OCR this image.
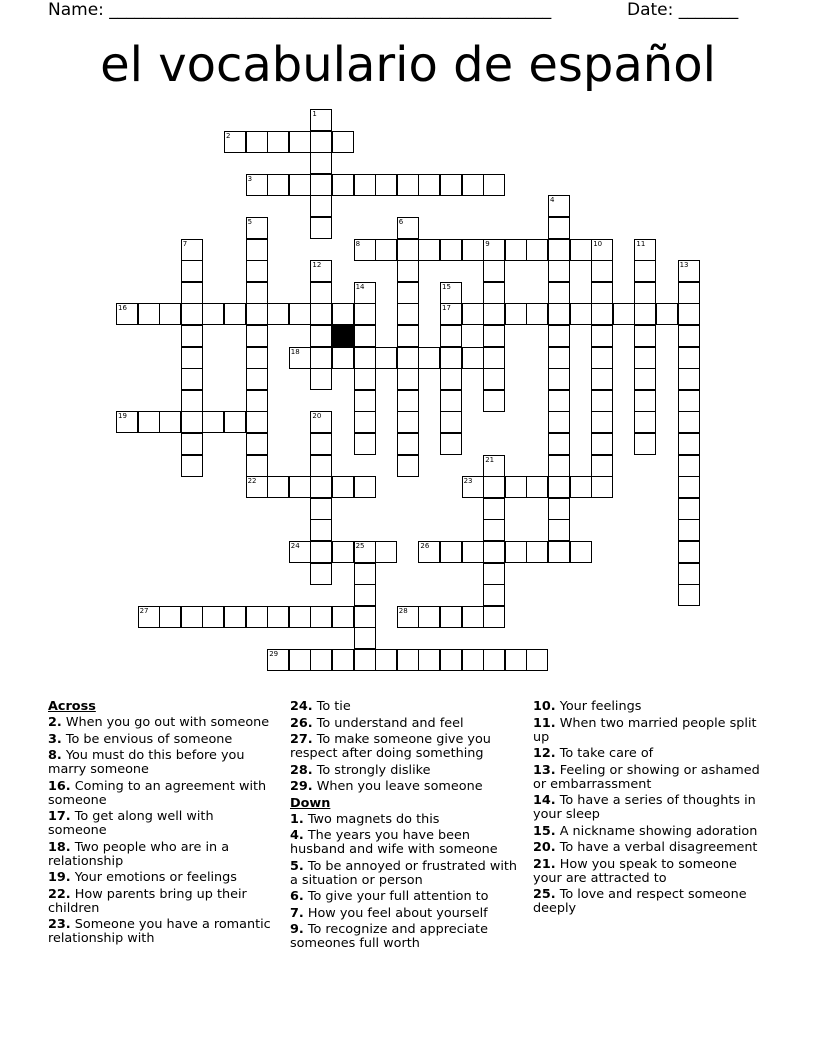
Name: ____________________________________________________	Date: _______
el vocabulario de español
1
2
3
4
5	6
7	8	9	10	11
12	13
14	15
17
16
18
19	20
21
22	23
24	25	26
27	28
29
Across
2. When you go out with someone
3. To be envious of someone
8. You must do this before you marry someone
16. Coming to an agreement with someone
17. To get along well with someone
18. Two people who are in a relationship
19. Your emotions or feelings
22. How parents bring up their children
23. Someone you have a romantic relationship with
24. To tie
26. To understand and feel
27. To make someone give you respect after doing something
28. To strongly dislike
29. When you leave someone
Down
1. Two magnets do this
4. The years you have been husband and wife with someone
5. To be annoyed or frustrated with a situation or person
6. To give your full attention to
7. How you feel about yourself
9. To recognize and appreciate someones full worth
10. Your feelings
11. When two married people split up
12. To take care of
13. Feeling or showing or ashamed or embarrassment
14. To have a series of thoughts in your sleep
15. A nickname showing adoration
20. To have a verbal disagreement
21. How you speak to someone your are attracted to
25. To love and respect someone deeply
